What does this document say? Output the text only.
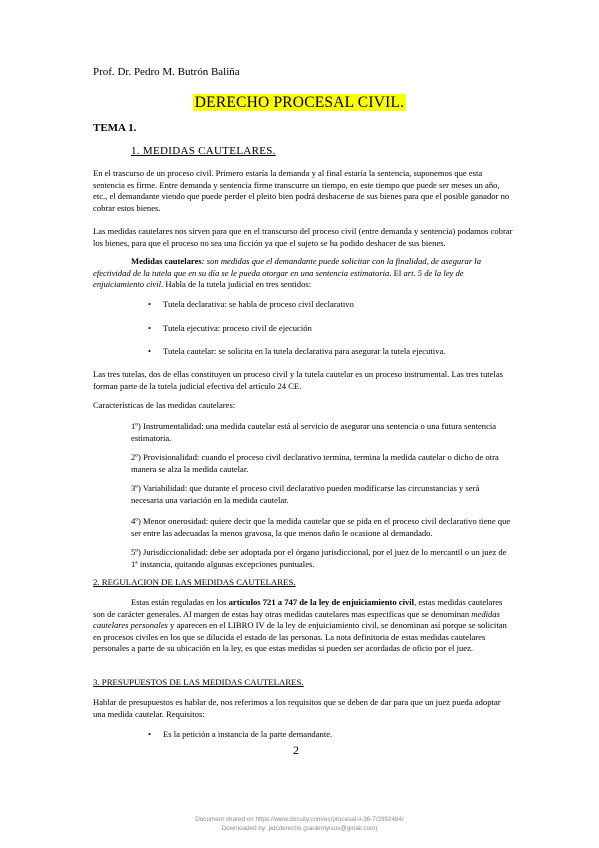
Prof. Dr. Pedro M. Butrón Baliña
DERECHO PROCESAL CIVIL.
TEMA 1.
1. MEDIDAS CAUTELARES.
En el trascurso de un proceso civil. Primero estaría la demanda y al final estaría la sentencia, suponemos que esta sentencia es firme. Entre demanda y sentencia firme transcurre un tiempo, en este tiempo que puede ser meses un año, etc., el demandante viendo que puede perder el pleito bien podrá deshacerse de sus bienes para que el posible ganador no cobrar estos bienes.
Las medidas cautelares nos sirven para que en el transcurso del proceso civil (entre demanda y sentencia) podamos cobrar los bienes, para que el proceso no sea una ficción ya que el sujeto se ha podido deshacer de sus bienes.
Medidas cautelares: son medidas que el demandante puede solicitar con la finalidad, de asegurar la efectividad de la tutela que en su día se le pueda otorgar en una sentencia estimatoria. El art. 5 de la ley de enjuiciamiento civil. Habla de la tutela judicial en tres sentidos:
• Tutela declarativa: se habla de proceso civil declarativo
• Tutela ejecutiva: proceso civil de ejecución
• Tutela cautelar: se solicita en la tutela declarativa para asegurar la tutela ejecutiva.
Las tres tutelas, dos de ellas constituyen un proceso civil y la tutela cautelar es un proceso instrumental. Las tres tutelas forman parte de la tutela judicial efectiva del artículo 24 CE.
Características de las medidas cautelares:
1º) Instrumentalidad: una medida cautelar está al servicio de asegurar una sentencia o una futura sentencia estimatoria.
2º) Provisionalidad: cuando el proceso civil declarativo termina, termina la medida cautelar o dicho de otra manera se alza la medida cautelar.
3º) Variabilidad: que durante el proceso civil declarativo pueden modificarse las circunstancias y será necesaria una variación en la medida cautelar.
4º) Menor onerosidad: quiere decir que la medida cautelar que se pida en el proceso civil declarativo tiene que ser entre las adecuadas la menos gravosa, la que menos daño le ocasione al demandado.
5º) Jurisdiccionalidad: debe ser adoptada por el órgano jurisdiccional, por el juez de lo mercantil o un juez de 1ª instancia, quitando algunas excepciones puntuales.
2. REGULACION DE LAS MEDIDAS CAUTELARES.
Estas están reguladas en los artículos 721 a 747 de la ley de enjuiciamiento civil, estas medidas cautelares son de carácter generales. Al margen de estas hay otras medidas cautelares mas especificas que se denominan medidas cautelares personales y aparecen en el LIBRO IV de la ley de enjuiciamiento civil, se denominan así porque se solicitan en procesos civiles en los que se dilucida el estado de las personas. La nota definitoria de estas medidas cautelares personales a parte de su ubicación en la ley, es que estas medidas si pueden ser acordadas de oficio por el juez.
3. PRESUPUESTOS DE LAS MEDIDAS CAUTELARES.
Hablar de presupuestos es hablar de, nos referimos a los requisitos que se deben de dar para que un juez pueda adoptar una medida cautelar. Requisitos:
• Es la petición a instancia de la parte demandante.
2
Document shared on https://www.docsity.com/es/procesal-ii-36-7/2992484/
Downloaded by: pdcderecho (paulemyisus@gmail.com)
